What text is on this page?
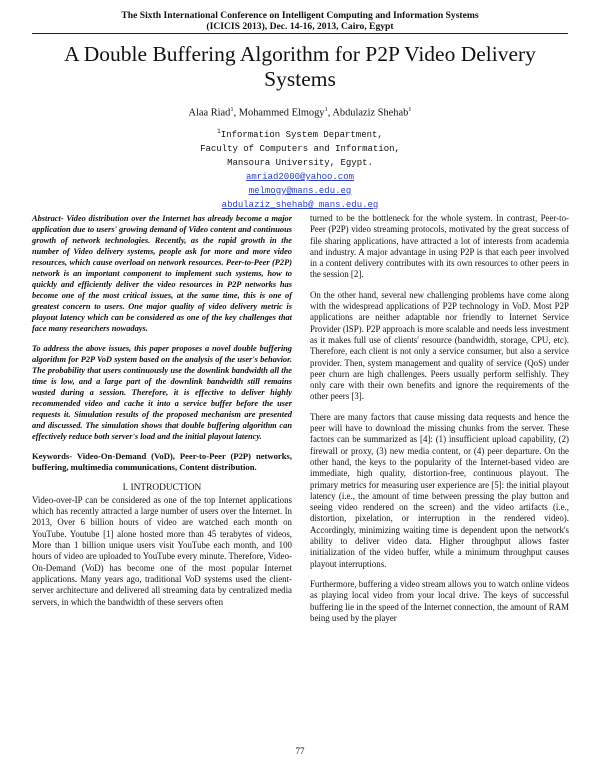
The Sixth International Conference on Intelligent Computing and Information Systems
(ICICIS 2013), Dec. 14-16, 2013, Cairo, Egypt
A Double Buffering Algorithm for P2P Video Delivery Systems
Alaa Riad$^1$, Mohammed Elmogy$^1$, Abdulaziz Shehab$^1$
$^1$Information System Department,
Faculty of Computers and Information,
Mansoura University, Egypt.
amriad2000@yahoo.com
melmogy@mans.edu.eg
abdulaziz_shehab@ mans.edu.eg

Abstract- Video distribution over the Internet has already become a major application due to users' growing demand of Video content and continuous growth of network technologies. Recently, as the rapid growth in the number of Video delivery systems, people ask for more and more video resources, which cause overload on network resources. Peer-to-Peer (P2P) network is an important component to implement such systems, how to quickly and efficiently deliver the video resources in P2P networks has become one of the most critical issues, at the same time, this is one of greatest concern to users. One major quality of video delivery metric is playout latency which can be considered as one of the key challenges that face many researchers nowadays.

To address the above issues, this paper proposes a novel double buffering algorithm for P2P VoD system based on the analysis of the user's behavior. The probability that users continuously use the downlink bandwidth all the time is low, and a large part of the downlink bandwidth still remains wasted during a session. Therefore, it is effective to deliver highly recommended video and cache it into a service buffer before the user requests it. Simulation results of the proposed mechanism are presented and discussed. The simulation shows that double buffering algorithm can effectively reduce both server's load and the initial playout latency.

Keywords- Video-On-Demand (VoD), Peer-to-Peer (P2P) networks, buffering, multimedia communications, Content distribution.

I. INTRODUCTION

Video-over-IP can be considered as one of the top Internet applications which has recently attracted a large number of users over the Internet. In 2013, Over 6 billion hours of video are watched each month on YouTube. Youtube [1] alone hosted more than 45 terabytes of videos, More than 1 billion unique users visit YouTube each month, and 100 hours of video are uploaded to YouTube every minute. Therefore, Video-On-Demand (VoD) has become one of the most popular Internet applications. Many years ago, traditional VoD systems used the client-server architecture and delivered all streaming data by centralized media servers, in which the bandwidth of these servers often

turned to be the bottleneck for the whole system. In contrast, Peer-to-Peer (P2P) video streaming protocols, motivated by the great success of file sharing applications, have attracted a lot of interests from academia and industry. A major advantage in using P2P is that each peer involved in a content delivery contributes with its own resources to other peers in the session [2].

On the other hand, several new challenging problems have come along with the widespread applications of P2P technology in VoD. Most P2P applications are neither adaptable nor friendly to Internet Service Provider (ISP). P2P approach is more scalable and needs less investment as it makes full use of clients' resource (bandwidth, storage, CPU, etc). Therefore, each client is not only a service consumer, but also a service provider. Then, system management and quality of service (QoS) under peer churn are high challenges. Peers usually perform selfishly. They only care with their own benefits and ignore the requirements of the other peers [3].

There are many factors that cause missing data requests and hence the peer will have to download the missing chunks from the server. These factors can be summarized as [4]: (1) insufficient upload capability, (2) firewall or proxy, (3) new media content, or (4) peer departure. On the other hand, the keys to the popularity of the Internet-based video are immediate, high quality, distortion-free, continuous playout. The primary metrics for measuring user experience are [5]: the initial playout latency (i.e., the amount of time between pressing the play button and seeing video rendered on the screen) and the video artifacts (i.e., distortion, pixelation, or interruption in the rendered video). Accordingly, minimizing waiting time is dependent upon the network's ability to deliver video data. Higher throughput allows faster initialization of the video buffer, while a minimum throughput causes playout interruptions.

Furthermore, buffering a video stream allows you to watch online videos as playing local video from your local drive. The keys of successful buffering lie in the speed of the Internet connection, the amount of RAM being used by the player

77
